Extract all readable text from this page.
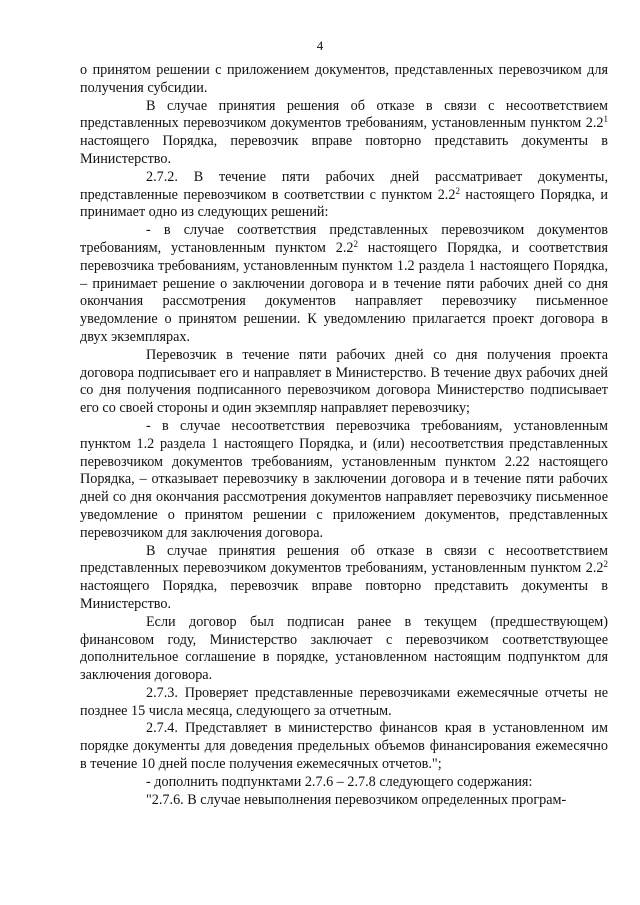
4

о принятом решении с приложением документов, представленных перевозчиком для получения субсидии.

В случае принятия решения об отказе в связи с несоответствием представленных перевозчиком документов требованиям, установленным пунктом $2.2^1$ настоящего Порядка, перевозчик вправе повторно представить документы в Министерство.

2.7.2. В течение пяти рабочих дней рассматривает документы, представленные перевозчиком в соответствии с пунктом $2.2^2$ настоящего Порядка, и принимает одно из следующих решений:

- в случае соответствия представленных перевозчиком документов требованиям, установленным пунктом $2.2^2$ настоящего Порядка, и соответствия перевозчика требованиям, установленным пунктом 1.2 раздела 1 настоящего Порядка, – принимает решение о заключении договора и в течение пяти рабочих дней со дня окончания рассмотрения документов направляет перевозчику письменное уведомление о принятом решении. К уведомлению прилагается проект договора в двух экземплярах.

Перевозчик в течение пяти рабочих дней со дня получения проекта договора подписывает его и направляет в Министерство. В течение двух рабочих дней со дня получения подписанного перевозчиком договора Министерство подписывает его со своей стороны и один экземпляр направляет перевозчику;

- в случае несоответствия перевозчика требованиям, установленным пунктом 1.2 раздела 1 настоящего Порядка, и (или) несоответствия представленных перевозчиком документов требованиям, установленным пунктом 2.22 настоящего Порядка, – отказывает перевозчику в заключении договора и в течение пяти рабочих дней со дня окончания рассмотрения документов направляет перевозчику письменное уведомление о принятом решении с приложением документов, представленных перевозчиком для заключения договора.

В случае принятия решения об отказе в связи с несоответствием представленных перевозчиком документов требованиям, установленным пунктом $2.2^2$ настоящего Порядка, перевозчик вправе повторно представить документы в Министерство.

Если договор был подписан ранее в текущем (предшествующем) финансовом году, Министерство заключает с перевозчиком соответствующее дополнительное соглашение в порядке, установленном настоящим подпунктом для заключения договора.

2.7.3. Проверяет представленные перевозчиками ежемесячные отчеты не позднее 15 числа месяца, следующего за отчетным.

2.7.4. Представляет в министерство финансов края в установленном им порядке документы для доведения предельных объемов финансирования ежемесячно в течение 10 дней после получения ежемесячных отчетов.";

- дополнить подпунктами 2.7.6 – 2.7.8 следующего содержания:

"2.7.6. В случае невыполнения перевозчиком определенных програм-
